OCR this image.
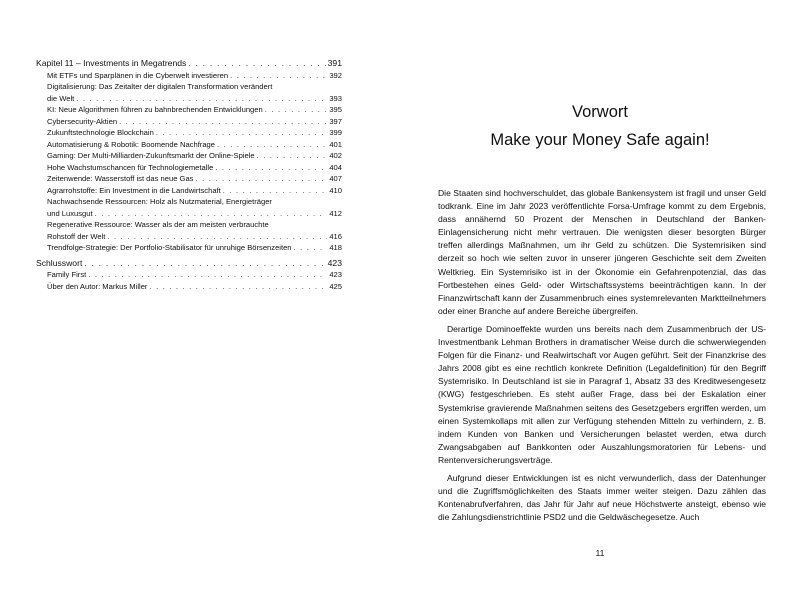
Kapitel 11 – Investments in Megatrends . . .	391
Mit ETFs und Sparplänen in die Cyberwelt investieren . . .	392
Digitalisierung: Das Zeitalter der digitalen Transformation verändert
die Welt . . .	393
KI: Neue Algorithmen führen zu bahnbrechenden Entwicklungen . . .	395
Cybersecurity-Aktien . . .	397
Zukunftstechnologie Blockchain . . .	399
Automatisierung & Robotik: Boomende Nachfrage . . .	401
Gaming: Der Multi-Milliarden-Zukunftsmarkt der Online-Spiele . . .	402
Hohe Wachstumschancen für Technologiemetalle . . .	404
Zeitenwende: Wasserstoff ist das neue Gas . . .	407
Agrarrohstoffe: Ein Investment in die Landwirtschaft . . .	410
Nachwachsende Ressourcen: Holz als Nutzmaterial, Energieträger
und Luxusgut . . .	412
Regenerative Ressource: Wasser als der am meisten verbrauchte
Rohstoff der Welt . . .	416
Trendfolge-Strategie: Der Portfolio-Stabilisator für unruhige Börsenzeiten . . .	418
Schlusswort . . .	423
Family First . . .	423
Über den Autor: Markus Miller . . .	425
Vorwort
Make your Money Safe again!

Die Staaten sind hochverschuldet, das globale Bankensystem ist fragil und unser Geld todkrank. Eine im Jahr 2023 veröffentlichte Forsa-Umfrage kommt zu dem Ergebnis, dass annähernd 50 Prozent der Menschen in Deutschland der Banken-Einlagensicherung nicht mehr vertrauen. Die wenigsten dieser besorgten Bürger treffen allerdings Maßnahmen, um ihr Geld zu schützen. Die Systemrisiken sind derzeit so hoch wie selten zuvor in unserer jüngeren Geschichte seit dem Zweiten Weltkrieg. Ein Systemrisiko ist in der Ökonomie ein Gefahrenpotenzial, das das Fortbestehen eines Geld- oder Wirtschaftssystems beeinträchtigen kann. In der Finanzwirtschaft kann der Zusammenbruch eines systemrelevanten Marktteilnehmers oder einer Branche auf andere Bereiche übergreifen.

Derartige Dominoeffekte wurden uns bereits nach dem Zusammenbruch der US-Investmentbank Lehman Brothers in dramatischer Weise durch die schwerwiegenden Folgen für die Finanz- und Realwirtschaft vor Augen geführt. Seit der Finanzkrise des Jahrs 2008 gibt es eine rechtlich konkrete Definition (Legaldefinition) für den Begriff Systemrisiko. In Deutschland ist sie in Paragraf 1, Absatz 33 des Kreditwesengesetz (KWG) festgeschrieben. Es steht außer Frage, dass bei der Eskalation einer Systemkrise gravierende Maßnahmen seitens des Gesetzgebers ergriffen werden, um einen Systemkollaps mit allen zur Verfügung stehenden Mitteln zu verhindern, z. B. indem Kunden von Banken und Versicherungen belastet werden, etwa durch Zwangsabgaben auf Bankkonten oder Auszahlungsmoratorien für Lebens- und Rentenversicherungsverträge.

Aufgrund dieser Entwicklungen ist es nicht verwunderlich, dass der Datenhunger und die Zugriffsmöglichkeiten des Staats immer weiter steigen. Dazu zählen das Kontenabrufverfahren, das Jahr für Jahr auf neue Höchstwerte ansteigt, ebenso wie die Zahlungsdienstrichtlinie PSD2 und die Geldwäschegesetze. Auch

11
